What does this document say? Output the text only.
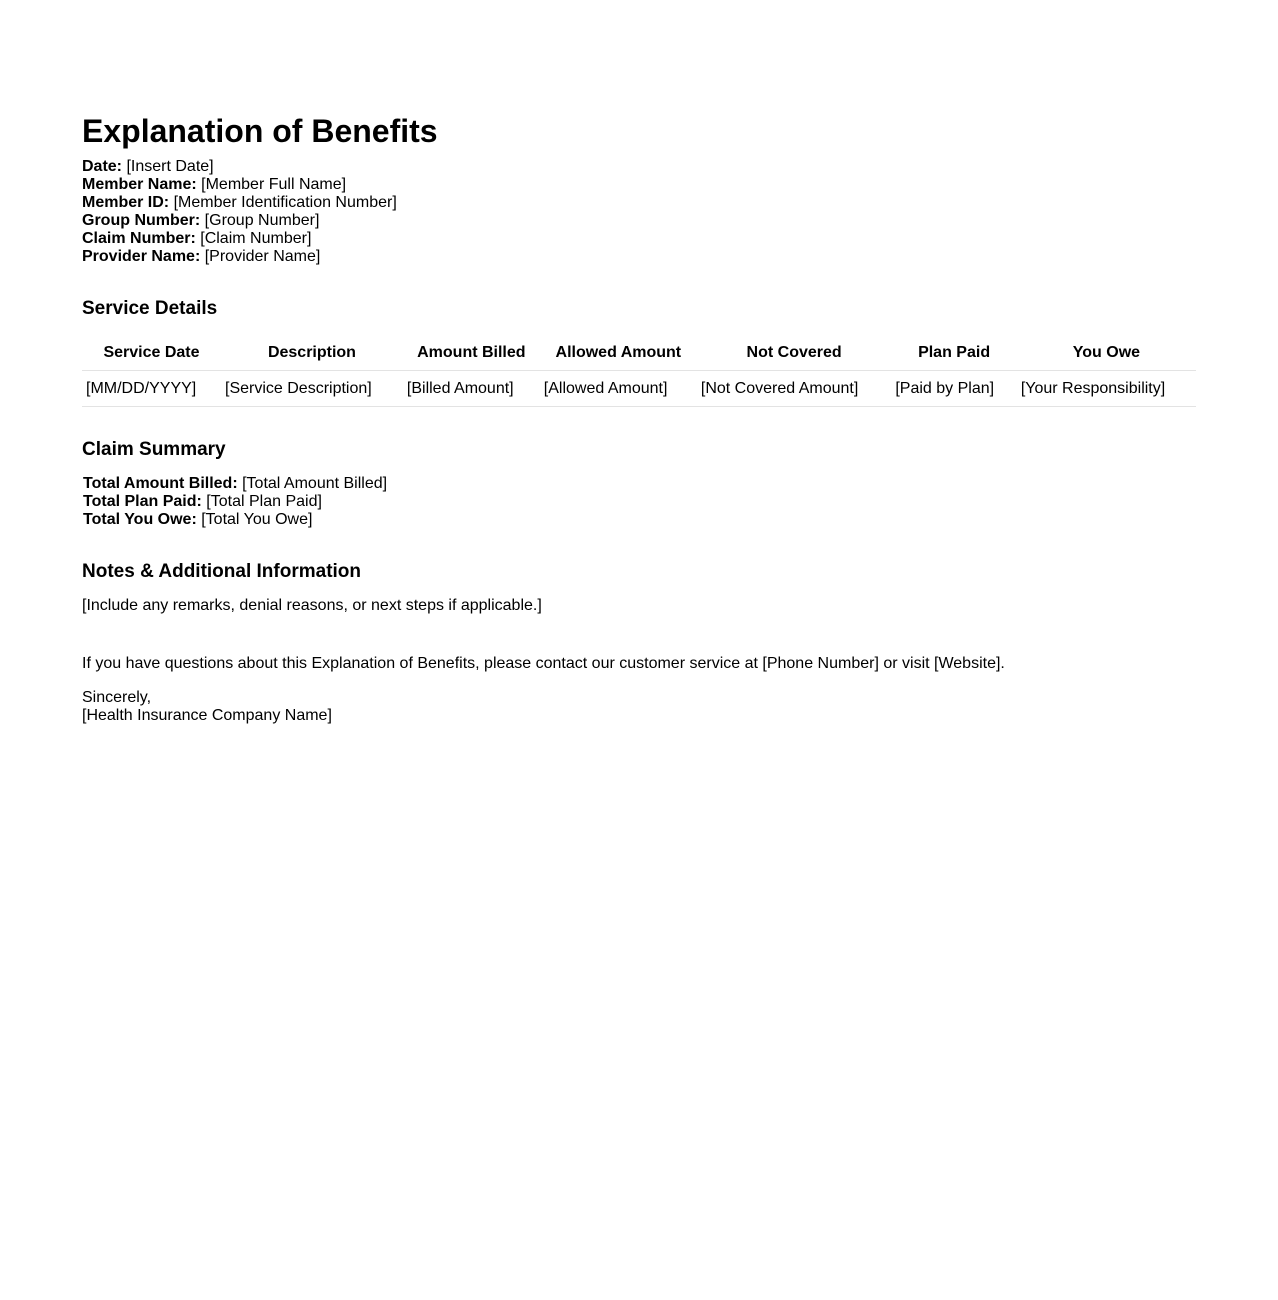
Explanation of Benefits
Date: [Insert Date]
Member Name: [Member Full Name]
Member ID: [Member Identification Number]
Group Number: [Group Number]
Claim Number: [Claim Number]
Provider Name: [Provider Name]
Service Details
Service Date	Description	Amount Billed	Allowed Amount	Not Covered	Plan Paid	You Owe
[MM/DD/YYYY]	[Service Description]	[Billed Amount]	[Allowed Amount]	[Not Covered Amount]	[Paid by Plan]	[Your Responsibility]
Claim Summary
Total Amount Billed: [Total Amount Billed]
Total Plan Paid: [Total Plan Paid]
Total You Owe: [Total You Owe]
Notes & Additional Information
[Include any remarks, denial reasons, or next steps if applicable.]
If you have questions about this Explanation of Benefits, please contact our customer service at [Phone Number] or visit [Website].
Sincerely,
[Health Insurance Company Name]
